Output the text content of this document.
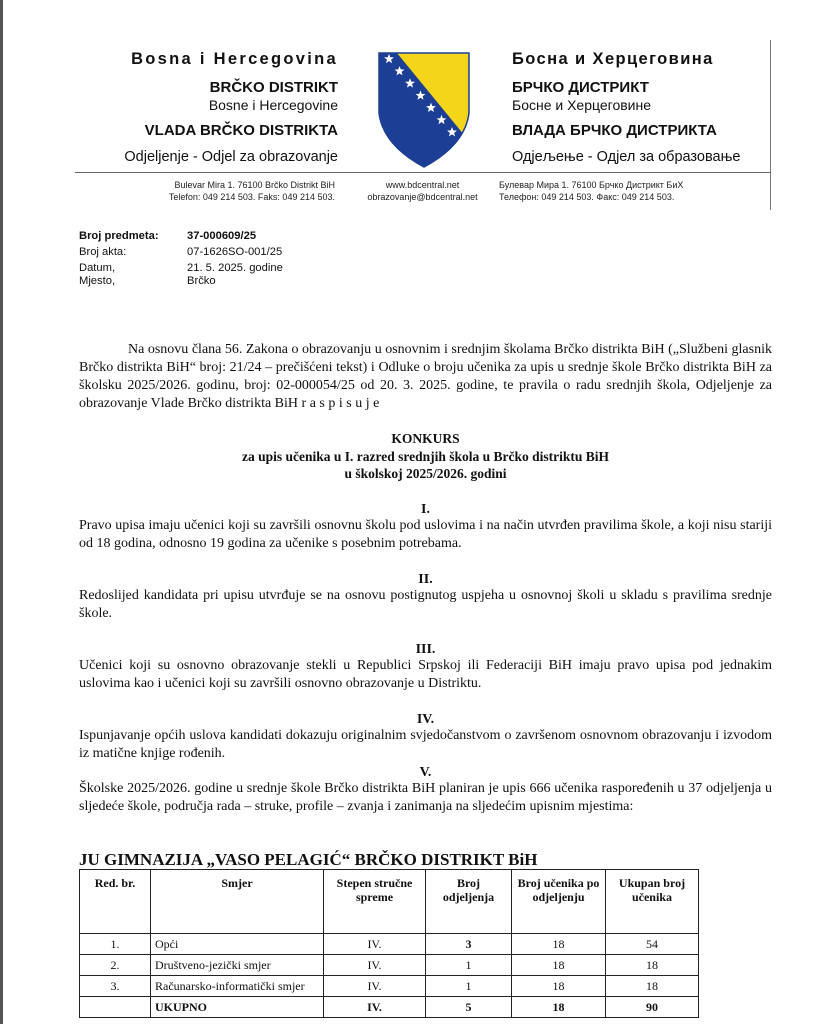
Bosna i Hercegovina
BRČKO DISTRIKT
Bosne i Hercegovine
VLADA BRČKO DISTRIKTA
Odjeljenje - Odjel za obrazovanje
Босна и Херцеговина
БРЧКО ДИСТРИКТ
Босне и Херцеговине
ВЛАДА БРЧКО ДИСТРИКТА
Одјељење - Одјел за образовање
Bulevar Mira 1. 76100 Brčko Distrikt BiH
Telefon: 049 214 503. Faks: 049 214 503.
www.bdcentral.net
obrazovanje@bdcentral.net
Булевар Мира 1. 76100 Брчко Дистрикт БиХ
Телефон: 049 214 503. Факс: 049 214 503.
Broj predmeta:	37-000609/25
Broj akta:	07-1626SO-001/25
Datum,	21. 5. 2025. godine
Mjesto,	Brčko
Na osnovu člana 56. Zakona o obrazovanju u osnovnim i srednjim školama Brčko distrikta BiH („Službeni glasnik Brčko distrikta BiH“ broj: 21/24 – prečišćeni tekst) i Odluke o broju učenika za upis u srednje škole Brčko distrikta BiH za školsku 2025/2026. godinu, broj: 02-000054/25 od 20. 3. 2025. godine, te pravila o radu srednjih škola, Odjeljenje za obrazovanje Vlade Brčko distrikta BiH raspisuje
KONKURS
za upis učenika u I. razred srednjih škola u Brčko distriktu BiH
u školskoj 2025/2026. godini
I.
Pravo upisa imaju učenici koji su završili osnovnu školu pod uslovima i na način utvrđen pravilima škole, a koji nisu stariji od 18 godina, odnosno 19 godina za učenike s posebnim potrebama.
II.
Redoslijed kandidata pri upisu utvrđuje se na osnovu postignutog uspjeha u osnovnoj školi u skladu s pravilima srednje škole.
III.
Učenici koji su osnovno obrazovanje stekli u Republici Srpskoj ili Federaciji BiH imaju pravo upisa pod jednakim uslovima kao i učenici koji su završili osnovno obrazovanje u Distriktu.
IV.
Ispunjavanje općih uslova kandidati dokazuju originalnim svjedočanstvom o završenom osnovnom obrazovanju i izvodom iz matične knjige rođenih.
V.
Školske 2025/2026. godine u srednje škole Brčko distrikta BiH planiran je upis 666 učenika raspoređenih u 37 odjeljenja u sljedeće škole, područja rada – struke, profile – zvanja i zanimanja na sljedećim upisnim mjestima:
JU GIMNAZIJA „VASO PELAGIĆ“ BRČKO DISTRIKT BiH
Red. br.	Smjer	Stepen stručne spreme	Broj odjeljenja	Broj učenika po odjeljenju	Ukupan broj učenika
1.	Opći	IV.	3	18	54
2.	Društveno-jezički smjer	IV.	1	18	18
3.	Računarsko-informatički smjer	IV.	1	18	18
	UKUPNO	IV.	5	18	90
